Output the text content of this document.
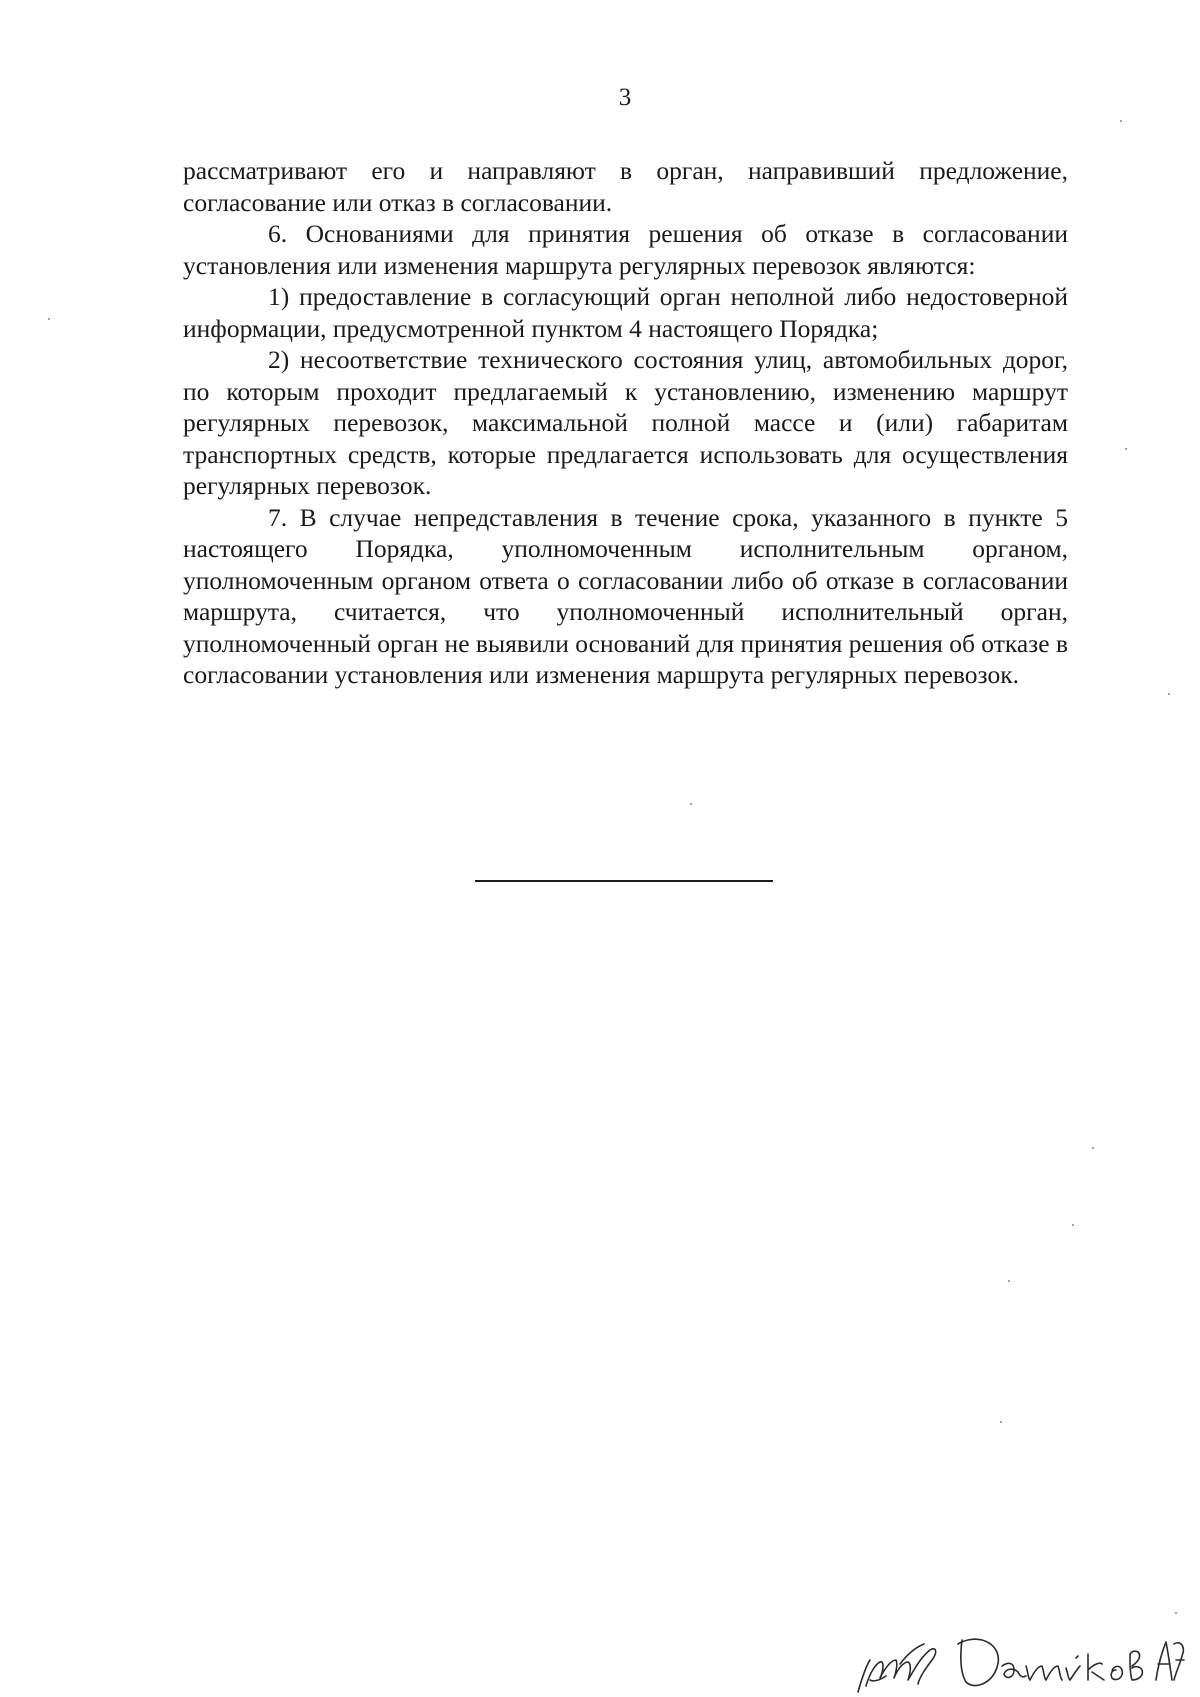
3

рассматривают его и направляют в орган, направивший предложение, согласование или отказ в согласовании.

6. Основаниями для принятия решения об отказе в согласовании установления или изменения маршрута регулярных перевозок являются:

1) предоставление в согласующий орган неполной либо недостоверной информации, предусмотренной пунктом 4 настоящего Порядка;

2) несоответствие технического состояния улиц, автомобильных дорог, по которым проходит предлагаемый к установлению, изменению маршрут регулярных перевозок, максимальной полной массе и (или) габаритам транспортных средств, которые предлагается использовать для осуществления регулярных перевозок.

7. В случае непредставления в течение срока, указанного в пункте 5 настоящего Порядка, уполномоченным исполнительным органом, уполномоченным органом ответа о согласовании либо об отказе в согласовании маршрута, считается, что уполномоченный исполнительный орган, уполномоченный орган не выявили оснований для принятия решения об отказе в согласовании установления или изменения маршрута регулярных перевозок.
